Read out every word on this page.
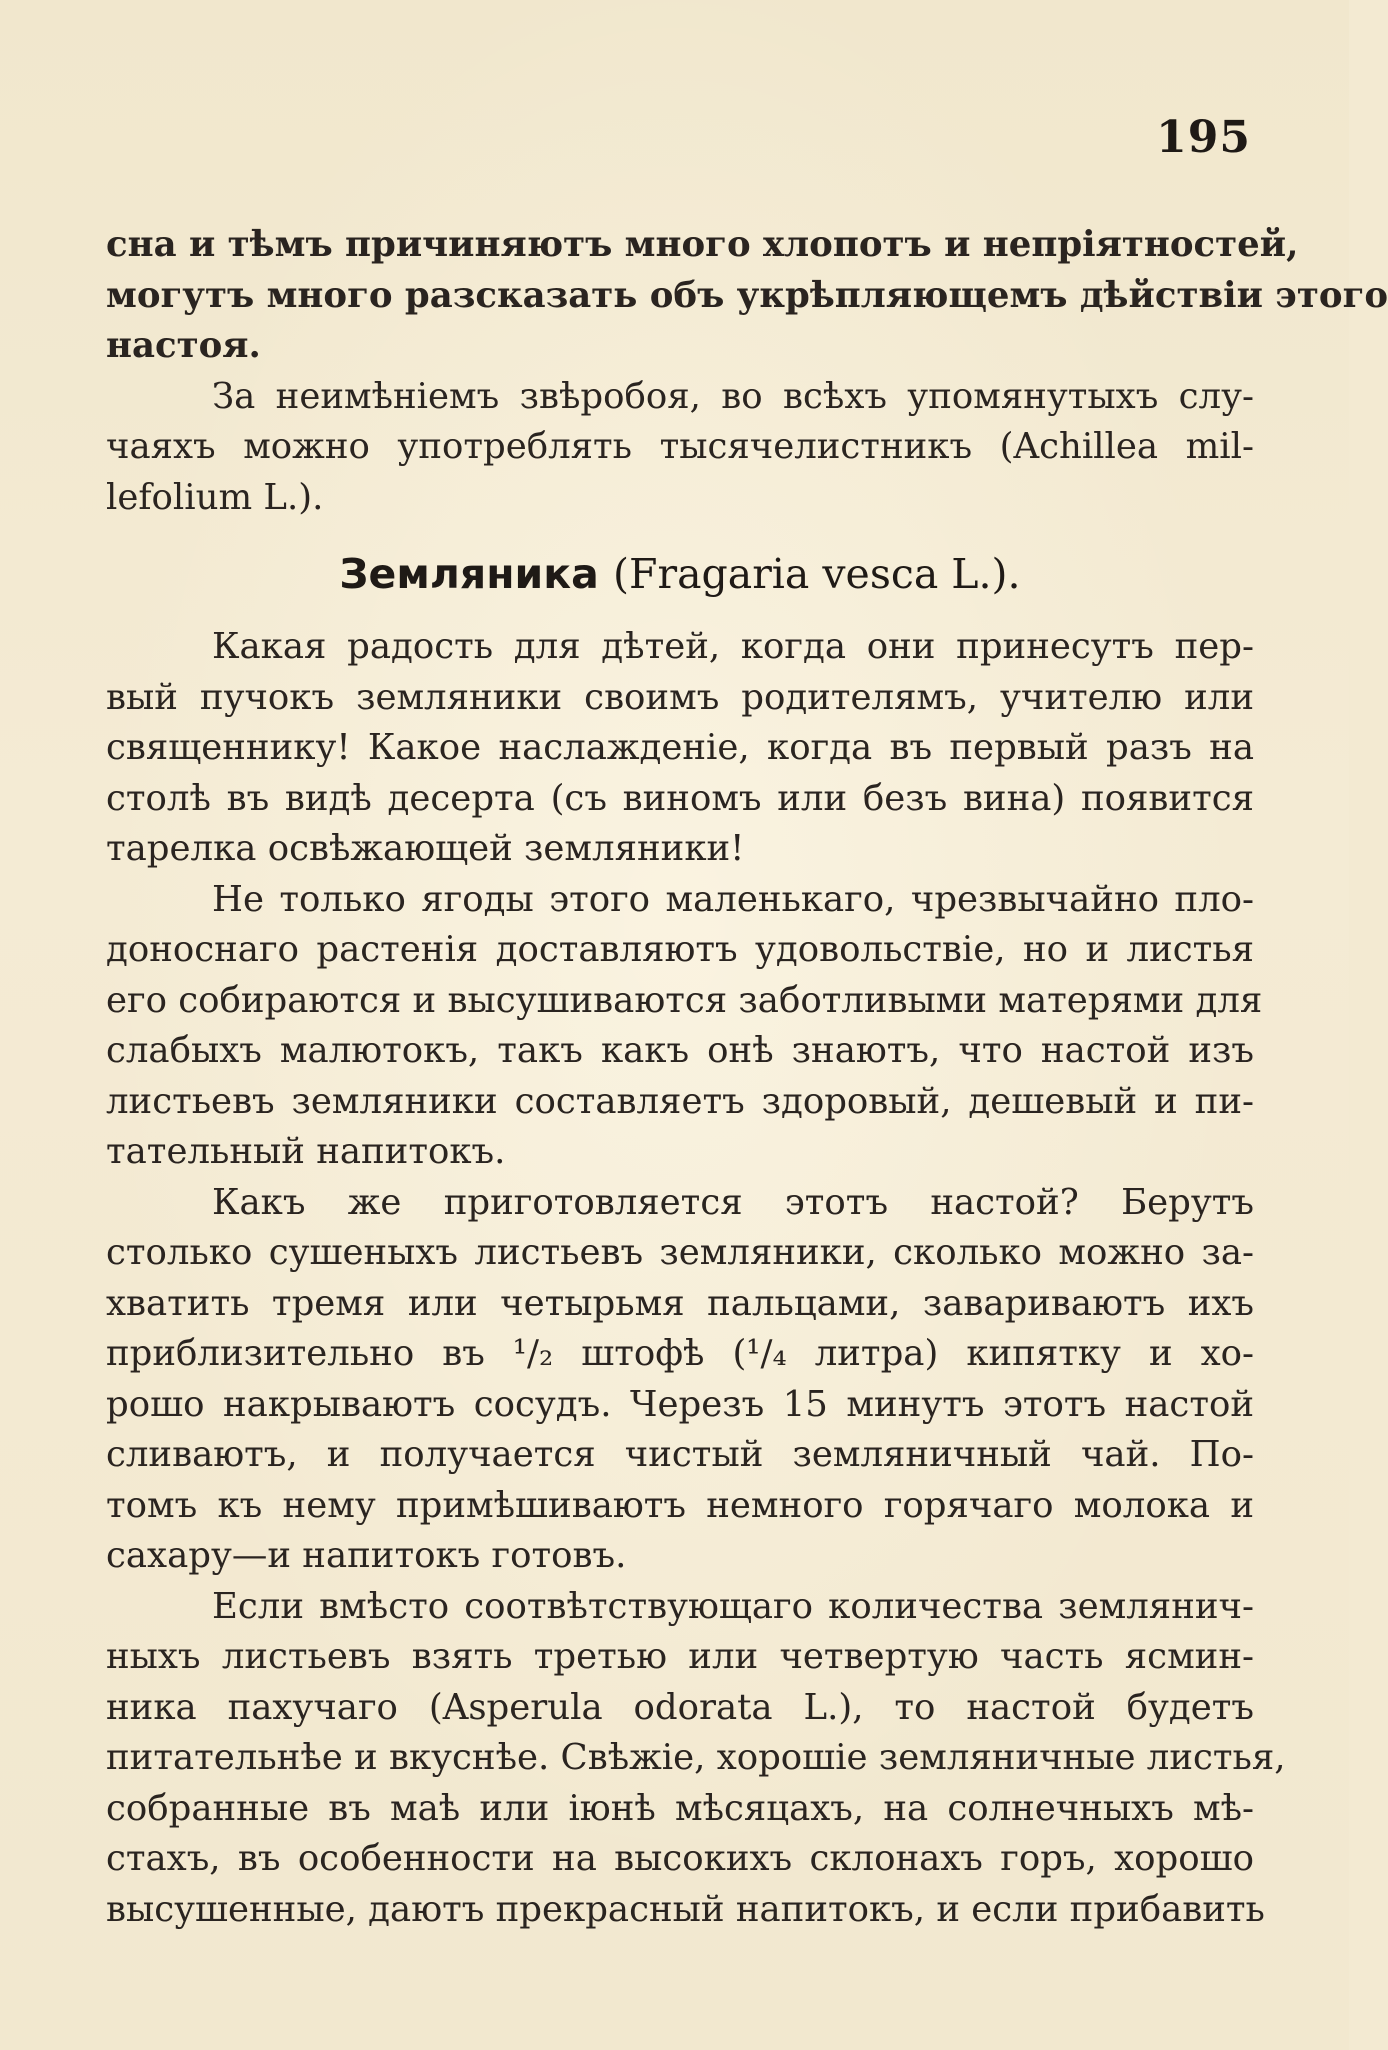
195
сна и тѣмъ причиняютъ много хлопотъ и непріятностей,
могутъ много разсказать объ укрѣпляющемъ дѣйствіи этого
настоя.
За неимѣніемъ звѣробоя, во всѣхъ упомянутыхъ слу-
чаяхъ можно употреблять тысячелистникъ (Achillea mil-
lefolium L.).
Земляника (Fragaria vesca L.).
Какая радость для дѣтей, когда они принесутъ пер-
вый пучокъ земляники своимъ родителямъ, учителю или
священнику! Какое наслажденіе, когда въ первый разъ на
столѣ въ видѣ десерта (съ виномъ или безъ вина) появится
тарелка освѣжающей земляники!
Не только ягоды этого маленькаго, чрезвычайно пло-
доноснаго растенія доставляютъ удовольствіе, но и листья
его собираются и высушиваются заботливыми матерями для
слабыхъ малютокъ, такъ какъ онѣ знаютъ, что настой изъ
листьевъ земляники составляетъ здоровый, дешевый и пи-
тательный напитокъ.
Какъ же приготовляется этотъ настой? Берутъ
столько сушеныхъ листьевъ земляники, сколько можно за-
хватить тремя или четырьмя пальцами, завариваютъ ихъ
приблизительно въ ¹/₂ штофѣ (¹/₄ литра) кипятку и хо-
рошо накрываютъ сосудъ. Черезъ 15 минутъ этотъ настой
сливаютъ, и получается чистый земляничный чай. По-
томъ къ нему примѣшиваютъ немного горячаго молока и
сахару—и напитокъ готовъ.
Если вмѣсто соотвѣтствующаго количества землянич-
ныхъ листьевъ взять третью или четвертую часть ясмин-
ника пахучаго (Asperula odorata L.), то настой будетъ
питательнѣе и вкуснѣе. Свѣжіе, хорошіе земляничные листья,
собранные въ маѣ или іюнѣ мѣсяцахъ, на солнечныхъ мѣ-
стахъ, въ особенности на высокихъ склонахъ горъ, хорошо
высушенные, даютъ прекрасный напитокъ, и если прибавить
